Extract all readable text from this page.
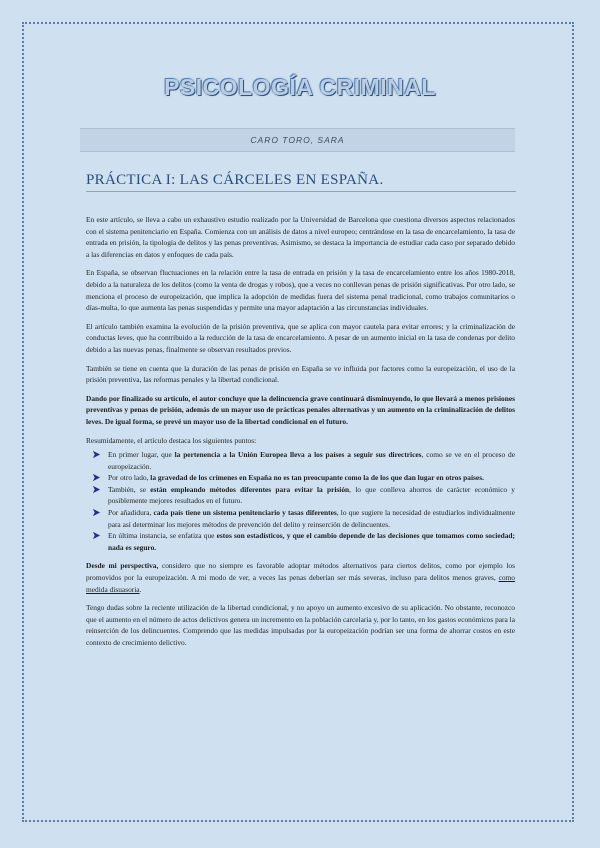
PSICOLOGÍA CRIMINAL
CARO TORO, SARA
PRÁCTICA I: LAS CÁRCELES EN ESPAÑA.

En este artículo, se lleva a cabo un exhaustivo estudio realizado por la Universidad de Barcelona que cuestiona diversos aspectos relacionados con el sistema penitenciario en España. Comienza con un análisis de datos a nivel europeo; centrándose en la tasa de encarcelamiento, la tasa de entrada en prisión, la tipología de delitos y las penas preventivas. Asimismo, se destaca la importancia de estudiar cada caso por separado debido a las diferencias en datos y enfoques de cada país.

En España, se observan fluctuaciones en la relación entre la tasa de entrada en prisión y la tasa de encarcelamiento entre los años 1980-2018, debido a la naturaleza de los delitos (como la venta de drogas y robos), que a veces no conllevan penas de prisión significativas. Por otro lado, se menciona el proceso de europeización, que implica la adopción de medidas fuera del sistema penal tradicional, como trabajos comunitarios o días-multa, lo que aumenta las penas suspendidas y permite una mayor adaptación a las circunstancias individuales.

El artículo también examina la evolución de la prisión preventiva, que se aplica con mayor cautela para evitar errores; y la criminalización de conductas leves, que ha contribuido a la reducción de la tasa de encarcelamiento. A pesar de un aumento inicial en la tasa de condenas por delito debido a las nuevas penas, finalmente se observan resultados previos.

También se tiene en cuenta que la duración de las penas de prisión en España se ve influida por factores como la europeización, el uso de la prisión preventiva, las reformas penales y la libertad condicional.

Dando por finalizado su artículo, el autor concluye que la delincuencia grave continuará disminuyendo, lo que llevará a menos prisiones preventivas y penas de prisión, además de un mayor uso de prácticas penales alternativas y un aumento en la criminalización de delitos leves. De igual forma, se prevé un mayor uso de la libertad condicional en el futuro.

Resumidamente, el artículo destaca los siguientes puntos:

En primer lugar, que la pertenencia a la Unión Europea lleva a los países a seguir sus directrices, como se ve en el proceso de europeización.
Por otro lado, la gravedad de los crímenes en España no es tan preocupante como la de los que dan lugar en otros países.
También, se están empleando métodos diferentes para evitar la prisión, lo que conlleva ahorros de carácter económico y posiblemente mejores resultados en el futuro.
Por añadidura, cada país tiene un sistema penitenciario y tasas diferentes, lo que sugiere la necesidad de estudiarlos individualmente para así determinar los mejores métodos de prevención del delito y reinserción de delincuentes.
En última instancia, se enfatiza que estos son estadísticos, y que el cambio depende de las decisiones que tomamos como sociedad; nada es seguro.

Desde mi perspectiva, considero que no siempre es favorable adoptar métodos alternativos para ciertos delitos, como por ejemplo los promovidos por la europeización. A mi modo de ver, a veces las penas deberían ser más severas, incluso para delitos menos graves, como medida disuasoria.

Tengo dudas sobre la reciente utilización de la libertad condicional, y no apoyo un aumento excesivo de su aplicación. No obstante, reconozco que el aumento en el número de actos delictivos genera un incremento en la población carcelaria y, por lo tanto, en los gastos económicos para la reinserción de los delincuentes. Comprendo que las medidas impulsadas por la europeización podrían ser una forma de ahorrar costos en este contexto de crecimiento delictivo.
